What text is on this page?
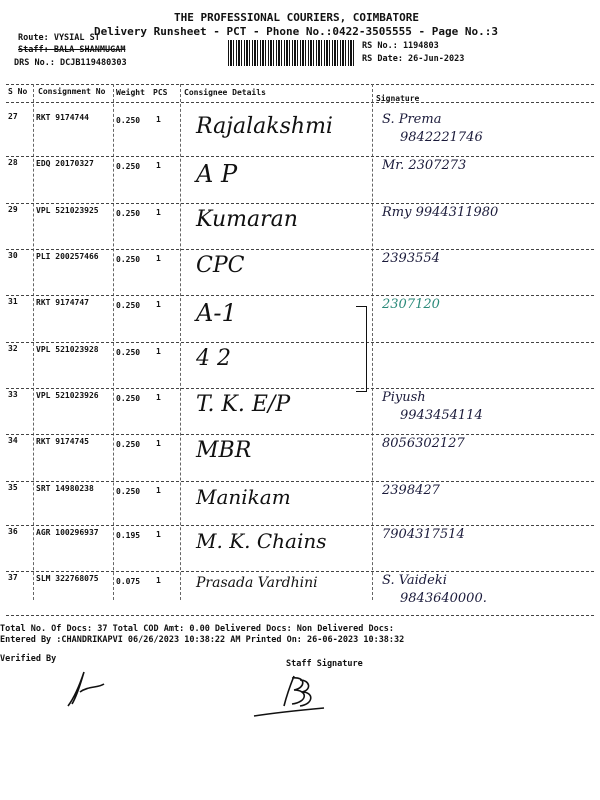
THE PROFESSIONAL COURIERS, COIMBATORE
Delivery Runsheet - PCT - Phone No.:0422-3505555 - Page No.:3
Route: VYSIAL ST
Staff: BALA SHANMUGAM
DRS No.: DCJB119480303
RS No.: 1194803
RS Date: 26-Jun-2023
S No Consignment No Weight PCS Consignee Details
Signature
27 RKT 9174744	0.250 1 Rajalakshmi	S. Prema
9842221746
28 EDQ 20170327	0.250 1 A P	Mr. 2307273
29 VPL 521023925 0.250 1 Kumaran	Rmy 9944311980
30 PLI 200257466 0.250 1 CPC	2393554
31 RKT 9174747	0.250 1 A-1	2307120
32 VPL 521023928 0.250 1 4 2
33 VPL 521023926 0.250 1 T. K. E/P	Piyush
9943454114
34 RKT 9174745	0.250 1 MBR	8056302127
35 SRT 14980238	0.250 1 Manikam	2398427
36 AGR 100296937 0.195 1 M. K. Chains	7904317514
37 SLM 322768075 0.075 1	Prasada Vardhini	S. Vaideki
9843640000.
Total No. Of Docs: 37 Total COD Amt: 0.00 Delivered Docs: Non Delivered Docs:
Entered By :CHANDRIKAPVI 06/26/2023 10:38:22 AM Printed On: 26-06-2023 10:38:32
Verified By	Staff Signature
